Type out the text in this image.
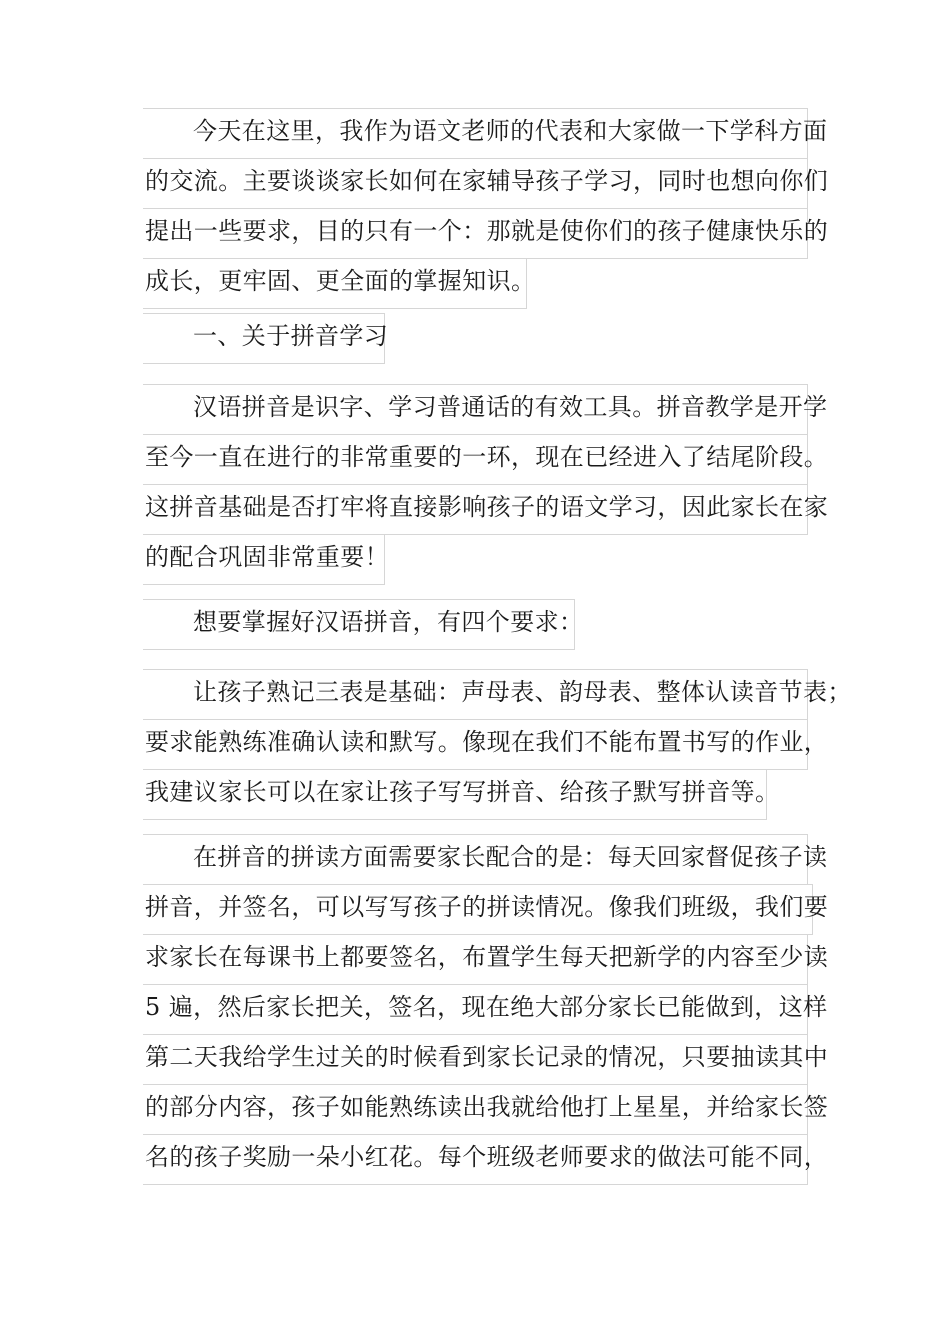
今天在这里，我作为语文老师的代表和大家做一下学科方面
的交流。主要谈谈家长如何在家辅导孩子学习，同时也想向你们
提出一些要求，目的只有一个：那就是使你们的孩子健康快乐的
成长，更牢固、更全面的掌握知识。
一、关于拼音学习
汉语拼音是识字、学习普通话的有效工具。拼音教学是开学
至今一直在进行的非常重要的一环，现在已经进入了结尾阶段。
这拼音基础是否打牢将直接影响孩子的语文学习，因此家长在家
的配合巩固非常重要！
想要掌握好汉语拼音，有四个要求：
让孩子熟记三表是基础：声母表、韵母表、整体认读音节表；
要求能熟练准确认读和默写。像现在我们不能布置书写的作业，
我建议家长可以在家让孩子写写拼音、给孩子默写拼音等。
在拼音的拼读方面需要家长配合的是：每天回家督促孩子读
拼音，并签名，可以写写孩子的拼读情况。像我们班级，我们要
求家长在每课书上都要签名，布置学生每天把新学的内容至少读
5 遍，然后家长把关，签名，现在绝大部分家长已能做到，这样
第二天我给学生过关的时候看到家长记录的情况，只要抽读其中
的部分内容，孩子如能熟练读出我就给他打上星星，并给家长签
名的孩子奖励一朵小红花。每个班级老师要求的做法可能不同，
